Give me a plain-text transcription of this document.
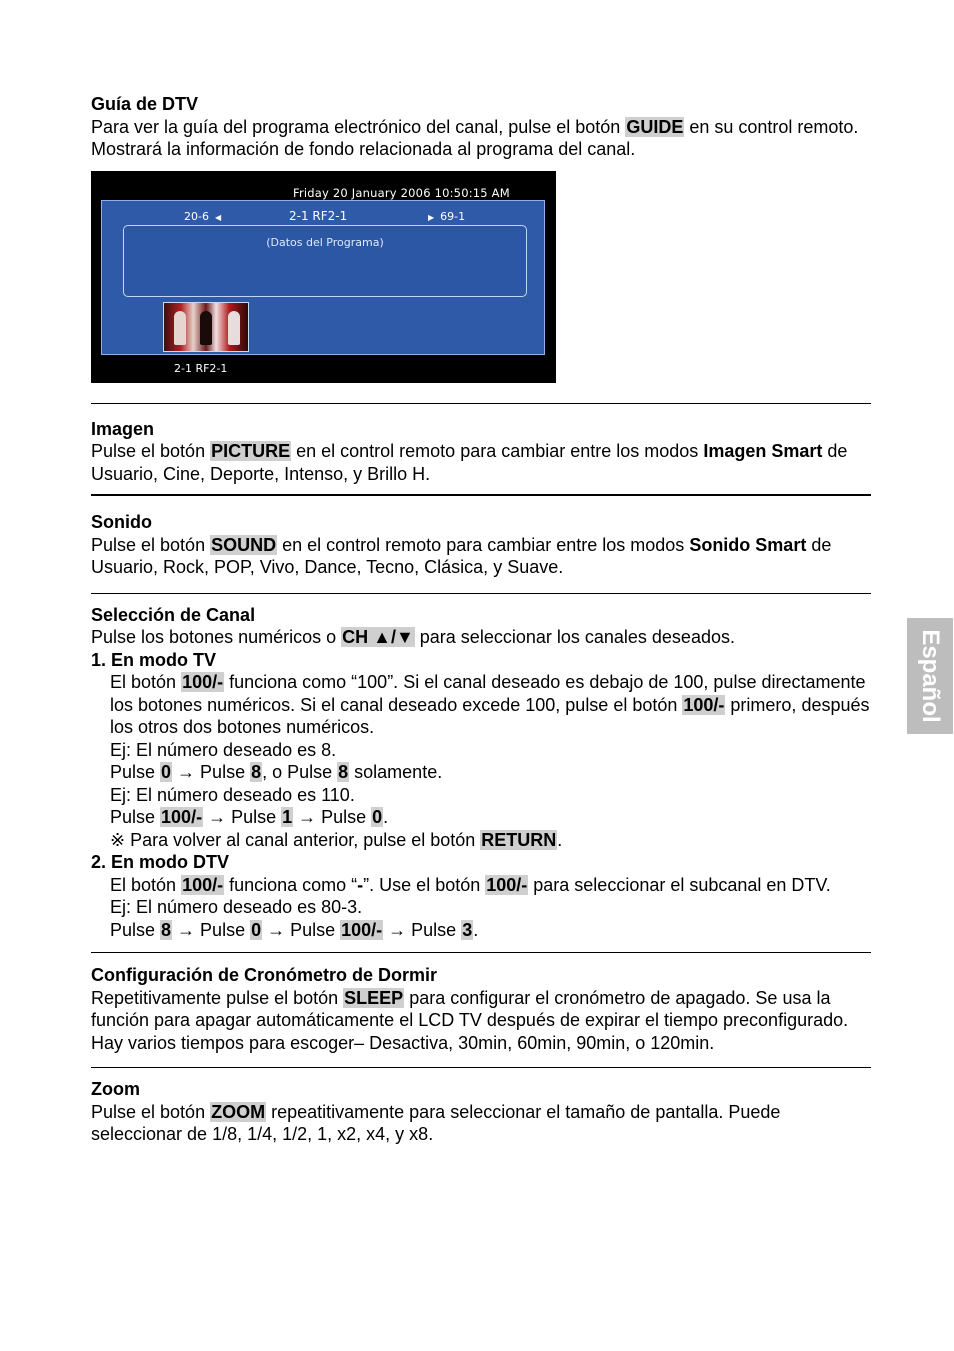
Guía de DTV
Para ver la guía del programa electrónico del canal, pulse el botón GUIDE en su control remoto. Mostrará la información de fondo relacionada al programa del canal.
Friday 20 January 2006 10:50:15 AM
20-6 ◀	2-1 RF2-1	▶ 69-1
(Datos del Programa)
2-1 RF2-1
Imagen
Pulse el botón PICTURE en el control remoto para cambiar entre los modos Imagen Smart de Usuario, Cine, Deporte, Intenso, y Brillo H.
Sonido
Pulse el botón SOUND en el control remoto para cambiar entre los modos Sonido Smart de Usuario, Rock, POP, Vivo, Dance, Tecno, Clásica, y Suave.
Selección de Canal
Pulse los botones numéricos o CH ▲/▼ para seleccionar los canales deseados.
1. En modo TV
El botón 100/- funciona como “100”. Si el canal deseado es debajo de 100, pulse directamente los botones numéricos. Si el canal deseado excede 100, pulse el botón 100/- primero, después los otros dos botones numéricos.
Ej: El número deseado es 8.
Pulse 0 → Pulse 8, o Pulse 8 solamente.
Ej: El número deseado es 110.
Pulse 100/- → Pulse 1 → Pulse 0.
※ Para volver al canal anterior, pulse el botón RETURN.
2. En modo DTV
El botón 100/- funciona como “-”. Use el botón 100/- para seleccionar el subcanal en DTV.
Ej: El número deseado es 80-3.
Pulse 8 → Pulse 0 → Pulse 100/- → Pulse 3.
Configuración de Cronómetro de Dormir
Repetitivamente pulse el botón SLEEP para configurar el cronómetro de apagado. Se usa la función para apagar automáticamente el LCD TV después de expirar el tiempo preconfigurado. Hay varios tiempos para escoger– Desactiva, 30min, 60min, 90min, o 120min.
Zoom
Pulse el botón ZOOM repeatitivamente para seleccionar el tamaño de pantalla. Puede seleccionar de 1/8, 1/4, 1/2, 1, x2, x4, y x8.
Español
